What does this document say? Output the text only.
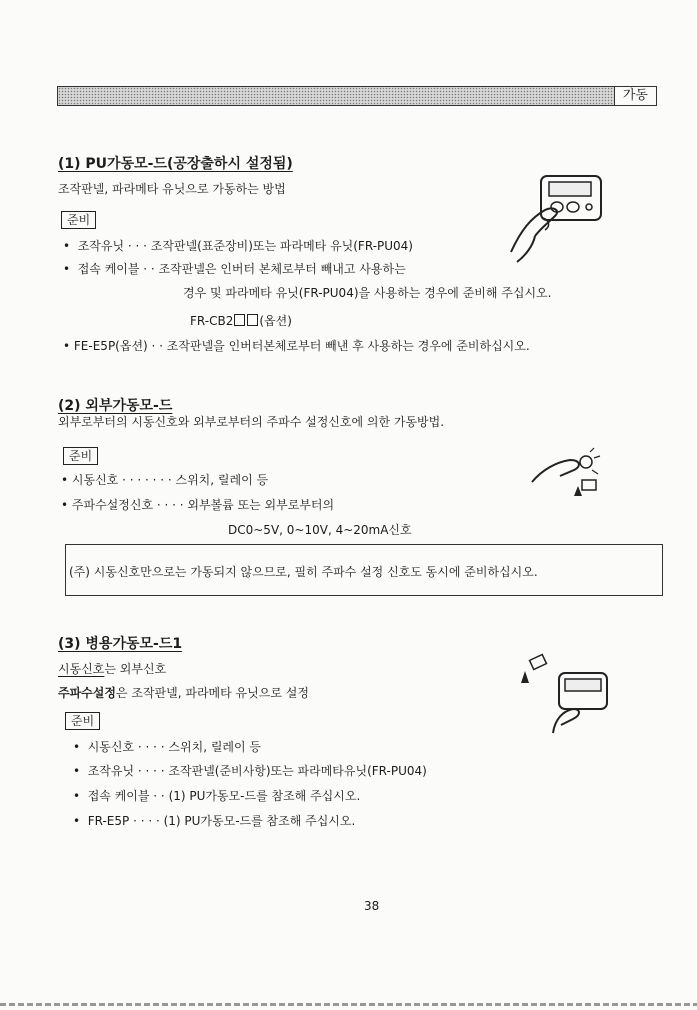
가동
(1) PU가동모-드(공장출하시 설정됨)
조작판넬, 파라메타 유닛으로 가동하는 방법
준비
•  조작유닛 · · · 조작판넬(표준장비)또는 파라메타 유닛(FR-PU04)
•  접속 케이블 · · 조작판넬은 인버터 본체로부터 빼내고 사용하는
경우 및 파라메타 유닛(FR-PU04)을 사용하는 경우에 준비해 주십시오.
FR-CB2 (옵션)
• FE-E5P(옵션) · · 조작판넬을 인버터본체로부터 빼낸 후 사용하는 경우에 준비하십시오.
(2) 외부가동모-드
외부로부터의 시동신호와 외부로부터의 주파수 설정신호에 의한 가동방법.
준비
• 시동신호 · · · · · · · 스위치, 릴레이 등
• 주파수설정신호 · · · · 외부볼륨 또는 외부로부터의
DC0~5V, 0~10V, 4~20mA신호
(주) 시동신호만으로는 가동되지 않으므로, 필히 주파수 설정 신호도 동시에 준비하십시오.
(3) 병용가동모-드1
시동신호는 외부신호
주파수설정은 조작판넬, 파라메타 유닛으로 설정
준비
•  시동신호 · · · · 스위치, 릴레이 등
•  조작유닛 · · · · 조작판넬(준비사항)또는 파라메타유닛(FR-PU04)
•  접속 케이블 · · (1) PU가동모-드를 참조해 주십시오.
•  FR-E5P · · · · (1) PU가동모-드를 참조해 주십시오.
38
